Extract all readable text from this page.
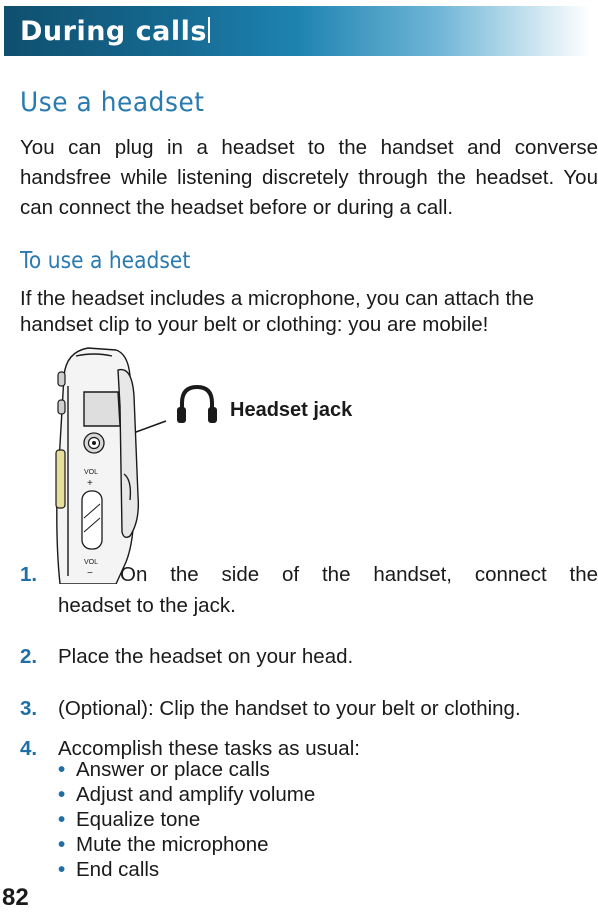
During calls
Use a headset
You can plug in a headset to the handset and converse handsfree while listening discretely through the headset. You can connect the headset before or during a call.
To use a headset
If the headset includes a microphone, you can attach the handset clip to your belt or clothing: you are mobile!
VOL
+
VOL
−
Headset jack
1.	On the side of the handset, connect the
headset to the jack.
2. Place the headset on your head.
3. (Optional): Clip the handset to your belt or clothing.
4. Accomplish these tasks as usual:
• Answer or place calls
• Adjust and amplify volume
• Equalize tone
• Mute the microphone
• End calls
82
